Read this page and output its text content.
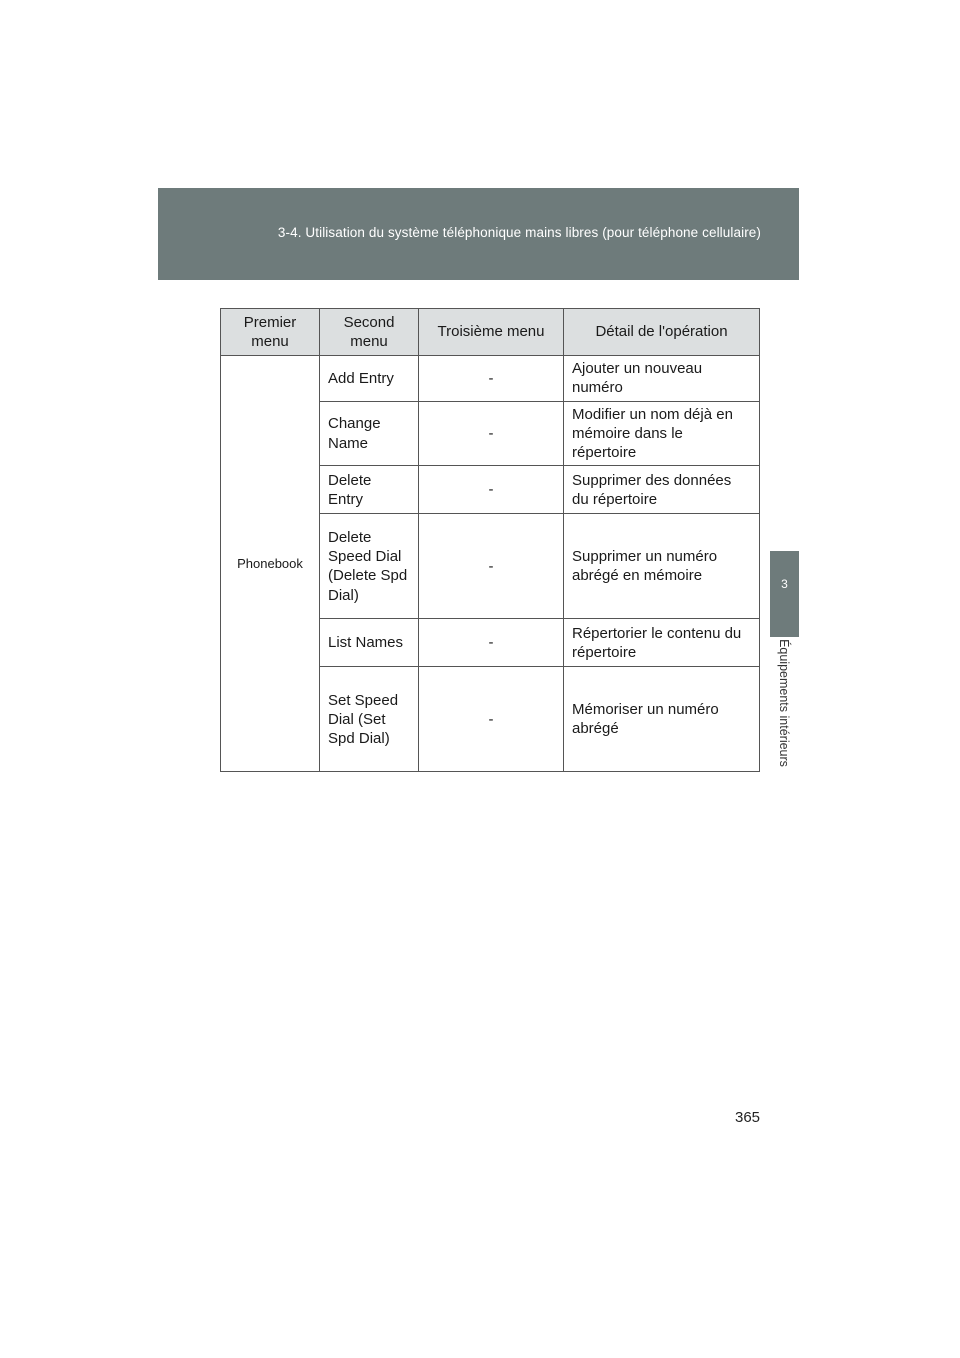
3-4. Utilisation du système téléphonique mains libres (pour téléphone cellulaire)
3
Équipements intérieurs
Premier menu	Second menu	Troisième menu	Détail de l'opération
Phonebook	Add Entry	-	Ajouter un nouveau numéro
	Change Name	-	Modifier un nom déjà en mémoire dans le répertoire
	Delete Entry	-	Supprimer des données du répertoire
	Delete Speed Dial (Delete Spd Dial)	-	Supprimer un numéro abrégé en mémoire
	List Names	-	Répertorier le contenu du répertoire
	Set Speed Dial (Set Spd Dial)	-	Mémoriser un numéro abrégé
365
